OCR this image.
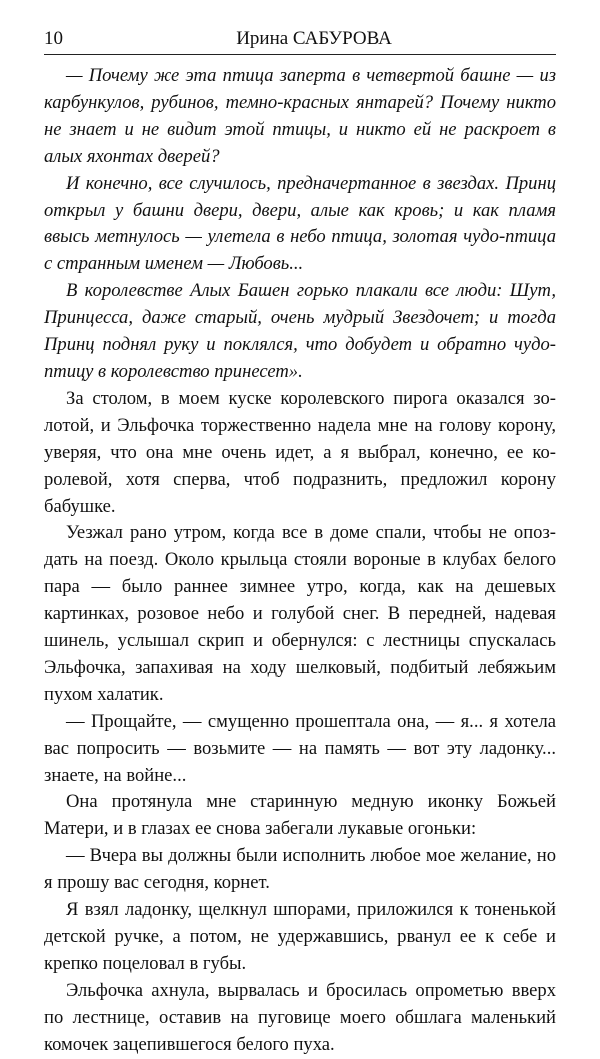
10	Ирина САБУРОВА

— Почему же эта птица заперта в четвертой башне — из карбункулов, рубинов, темно-красных янтарей? Почему никто не знает и не видит этой птицы, и никто ей не раскроет в алых яхонтах дверей?

И конечно, все случилось, предначертанное в звездах. Принц открыл у башни двери, двери, алые как кровь; и как пламя ввысь метнулось — улетела в небо птица, золотая чудо-птица с странным именем — Любовь...

В королевстве Алых Башен горько плакали все люди: Шут, Принцесса, даже старый, очень мудрый Звездочет; и тогда Принц поднял руку и поклялся, что добудет и обратно чудо-птицу в королевство принесет».

За столом, в моем куске королевского пирога оказался золотой, и Эльфочка торжественно надела мне на голову корону, уверяя, что она мне очень идет, а я выбрал, конечно, ее королевой, хотя сперва, чтоб подразнить, предложил корону бабушке.

Уезжал рано утром, когда все в доме спали, чтобы не опоздать на поезд. Около крыльца стояли вороные в клубах белого пара — было раннее зимнее утро, когда, как на дешевых картинках, розовое небо и голубой снег. В передней, надевая шинель, услышал скрип и обернулся: с лестницы спускалась Эльфочка, запахивая на ходу шелковый, подбитый лебяжьим пухом халатик.

— Прощайте, — смущенно прошептала она, — я... я хотела вас попросить — возьмите — на память — вот эту ладонку... знаете, на войне...

Она протянула мне старинную медную иконку Божьей Матери, и в глазах ее снова забегали лукавые огоньки:

— Вчера вы должны были исполнить любое мое желание, но я прошу вас сегодня, корнет.

Я взял ладонку, щелкнул шпорами, приложился к тоненькой детской ручке, а потом, не удержавшись, рванул ее к себе и крепко поцеловал в губы.

Эльфочка ахнула, вырвалась и бросилась опрометью вверх по лестнице, оставив на пуговице моего обшлага маленький комочек зацепившегося белого пуха.
